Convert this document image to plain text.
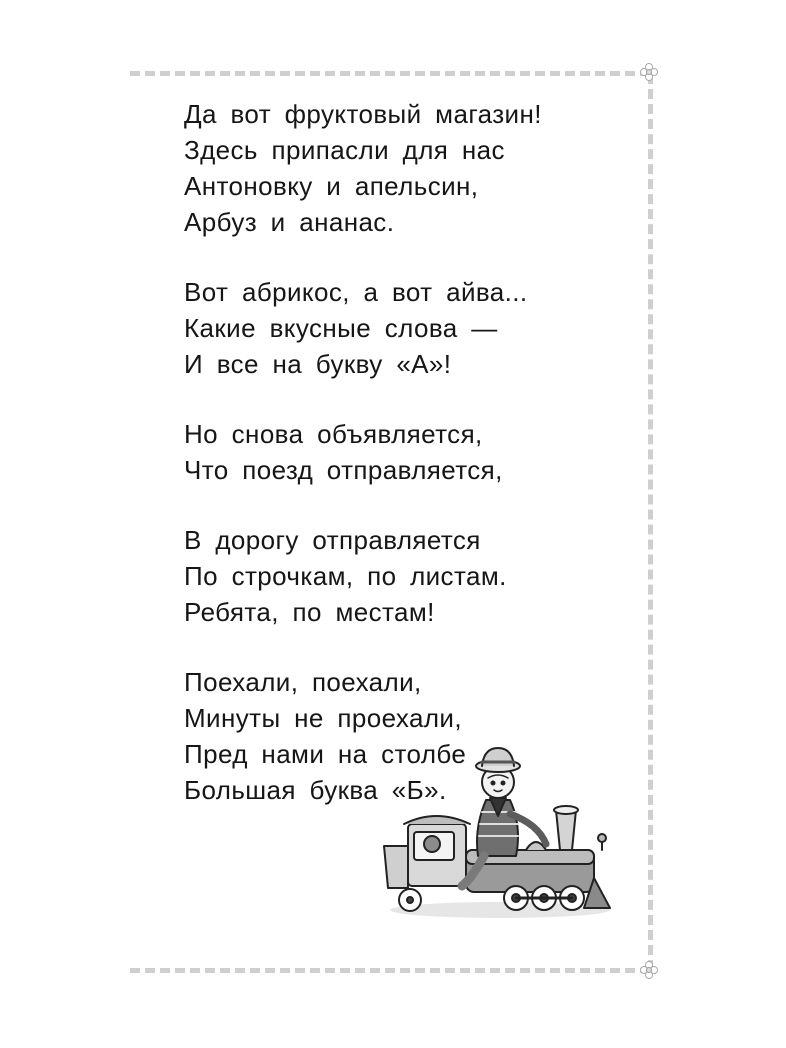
Да вот фруктовый магазин!
Здесь припасли для нас
Антоновку и апельсин,
Арбуз и ананас.
Вот абрикос, а вот айва...
Какие вкусные слова —
И все на букву «А»!
Но снова объявляется,
Что поезд отправляется,
В дорогу отправляется
По строчкам, по листам.
Ребята, по местам!
Поехали, поехали,
Минуты не проехали,
Пред нами на столбе
Большая буква «Б».
